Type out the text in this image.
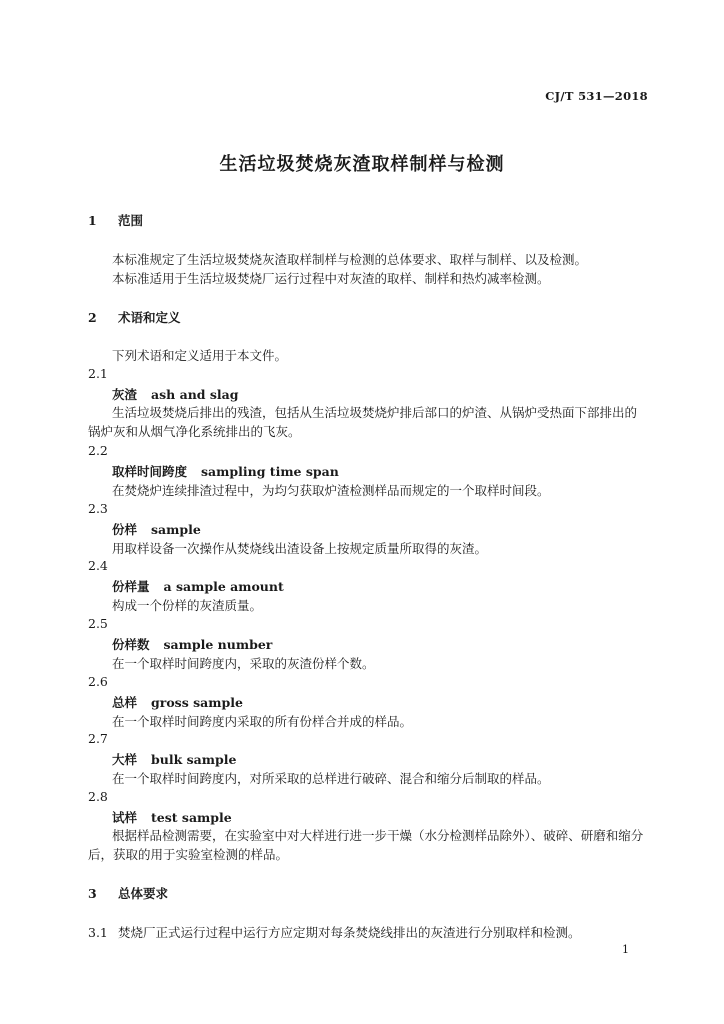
CJ/T 531—2018
生活垃圾焚烧灰渣取样制样与检测
1 范围
本标准规定了生活垃圾焚烧灰渣取样制样与检测的总体要求、取样与制样、以及检测。
本标准适用于生活垃圾焚烧厂运行过程中对灰渣的取样、制样和热灼减率检测。
2 术语和定义
下列术语和定义适用于本文件。
2.1
灰渣 ash and slag
生活垃圾焚烧后排出的残渣，包括从生活垃圾焚烧炉排后部口的炉渣、从锅炉受热面下部排出的锅炉灰和从烟气净化系统排出的飞灰。
2.2
取样时间跨度 sampling time span
在焚烧炉连续排渣过程中，为均匀获取炉渣检测样品而规定的一个取样时间段。
2.3
份样 sample
用取样设备一次操作从焚烧线出渣设备上按规定质量所取得的灰渣。
2.4
份样量 a sample amount
构成一个份样的灰渣质量。
2.5
份样数 sample number
在一个取样时间跨度内，采取的灰渣份样个数。
2.6
总样 gross sample
在一个取样时间跨度内采取的所有份样合并成的样品。
2.7
大样 bulk sample
在一个取样时间跨度内，对所采取的总样进行破碎、混合和缩分后制取的样品。
2.8
试样 test sample
根据样品检测需要，在实验室中对大样进行进一步干燥（水分检测样品除外）、破碎、研磨和缩分后，获取的用于实验室检测的样品。
3 总体要求
3.1 焚烧厂正式运行过程中运行方应定期对每条焚烧线排出的灰渣进行分别取样和检测。
1
